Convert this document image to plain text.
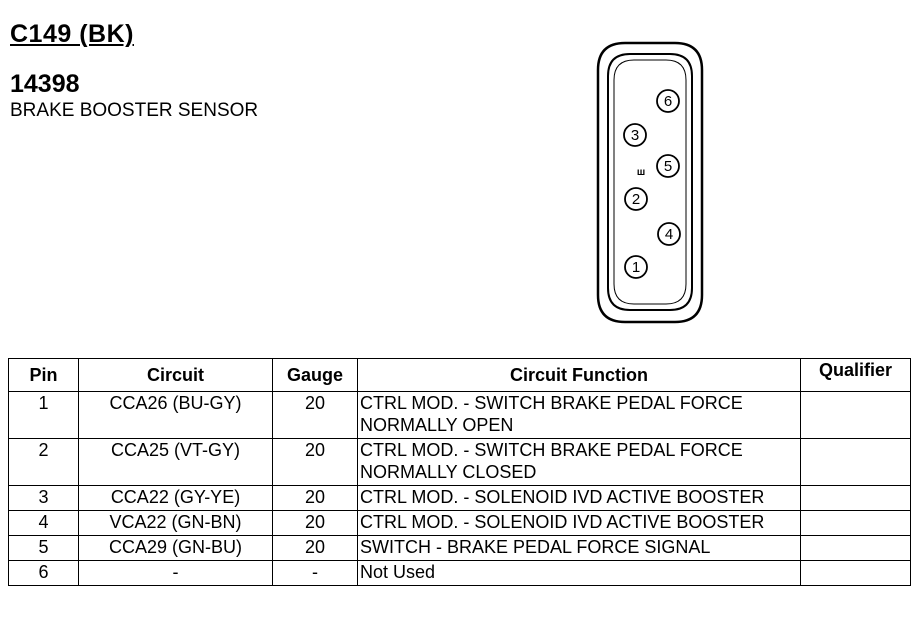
C149 (BK)
14398
BRAKE BOOSTER SENSOR	6
3
5
ш
2
4
1
Pin	Circuit	Gauge	Circuit Function	Qualifier
1	CCA26 (BU-GY)	20	CTRL MOD. - SWITCH BRAKE PEDAL FORCE
NORMALLY OPEN	

2	CCA25 (VT-GY)	20	CTRL MOD. - SWITCH BRAKE PEDAL FORCE
NORMALLY CLOSED	

3	CCA22 (GY-YE)	20	CTRL MOD. - SOLENOID IVD ACTIVE BOOSTER	
4	VCA22 (GN-BN)	20	CTRL MOD. - SOLENOID IVD ACTIVE BOOSTER	
5	CCA29 (GN-BU)	20	SWITCH - BRAKE PEDAL FORCE SIGNAL	
6	-	-	Not Used	
